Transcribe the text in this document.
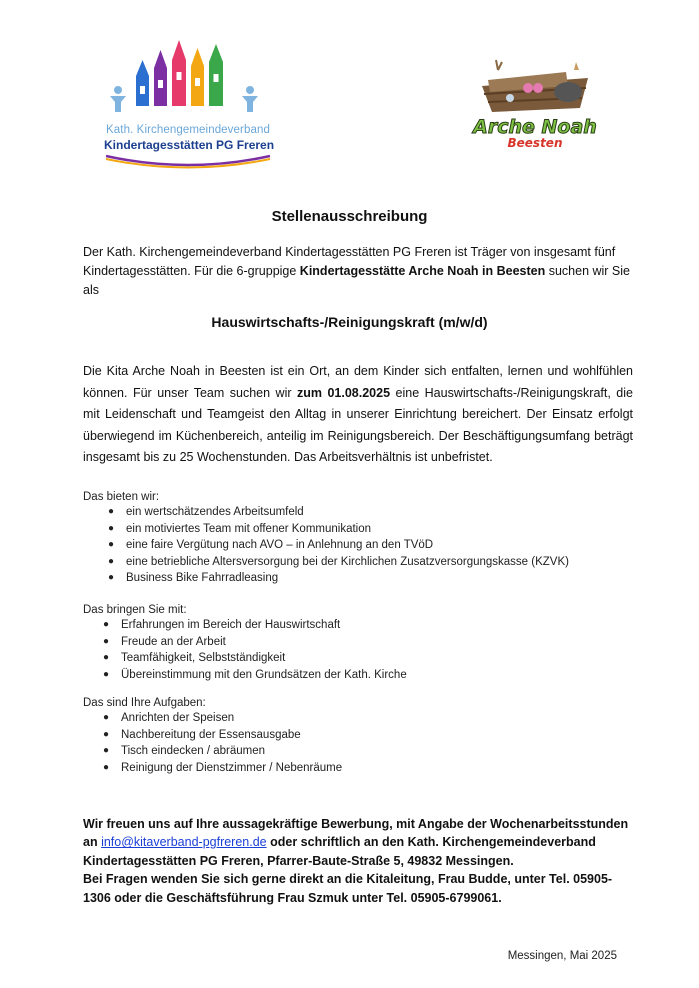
Kath. Kirchengemeindeverband
Kindertagesstätten PG Freren
Arche Noah
Beesten
Stellenausschreibung
Der Kath. Kirchengemeindeverband Kindertagesstätten PG Freren ist Träger von insgesamt fünf Kindertagesstätten. Für die 6-gruppige Kindertagesstätte Arche Noah in Beesten suchen wir Sie als
Hauswirtschafts-/Reinigungskraft (m/w/d)
Die Kita Arche Noah in Beesten ist ein Ort, an dem Kinder sich entfalten, lernen und wohlfühlen können. Für unser Team suchen wir zum 01.08.2025 eine Hauswirtschafts-/Reinigungskraft, die mit Leidenschaft und Teamgeist den Alltag in unserer Einrichtung bereichert. Der Einsatz erfolgt überwiegend im Küchenbereich, anteilig im Reinigungsbereich. Der Beschäftigungsumfang beträgt insgesamt bis zu 25 Wochenstunden. Das Arbeitsverhältnis ist unbefristet.
Das bieten wir:
● ein wertschätzendes Arbeitsumfeld
● ein motiviertes Team mit offener Kommunikation
● eine faire Vergütung nach AVO – in Anlehnung an den TVöD
● eine betriebliche Altersversorgung bei der Kirchlichen Zusatzversorgungskasse (KZVK)
● Business Bike Fahrradleasing
Das bringen Sie mit:
● Erfahrungen im Bereich der Hauswirtschaft
● Freude an der Arbeit
● Teamfähigkeit, Selbstständigkeit
● Übereinstimmung mit den Grundsätzen der Kath. Kirche
Das sind Ihre Aufgaben:
● Anrichten der Speisen
● Nachbereitung der Essensausgabe
● Tisch eindecken / abräumen
● Reinigung der Dienstzimmer / Nebenräume
Wir freuen uns auf Ihre aussagekräftige Bewerbung, mit Angabe der Wochenarbeitsstunden an info@kitaverband-pgfreren.de oder schriftlich an den Kath. Kirchengemeindeverband Kindertagesstätten PG Freren, Pfarrer-Baute-Straße 5, 49832 Messingen.
Bei Fragen wenden Sie sich gerne direkt an die Kitaleitung, Frau Budde, unter Tel. 05905-1306 oder die Geschäftsführung Frau Szmuk unter Tel. 05905-6799061.
Messingen, Mai 2025
